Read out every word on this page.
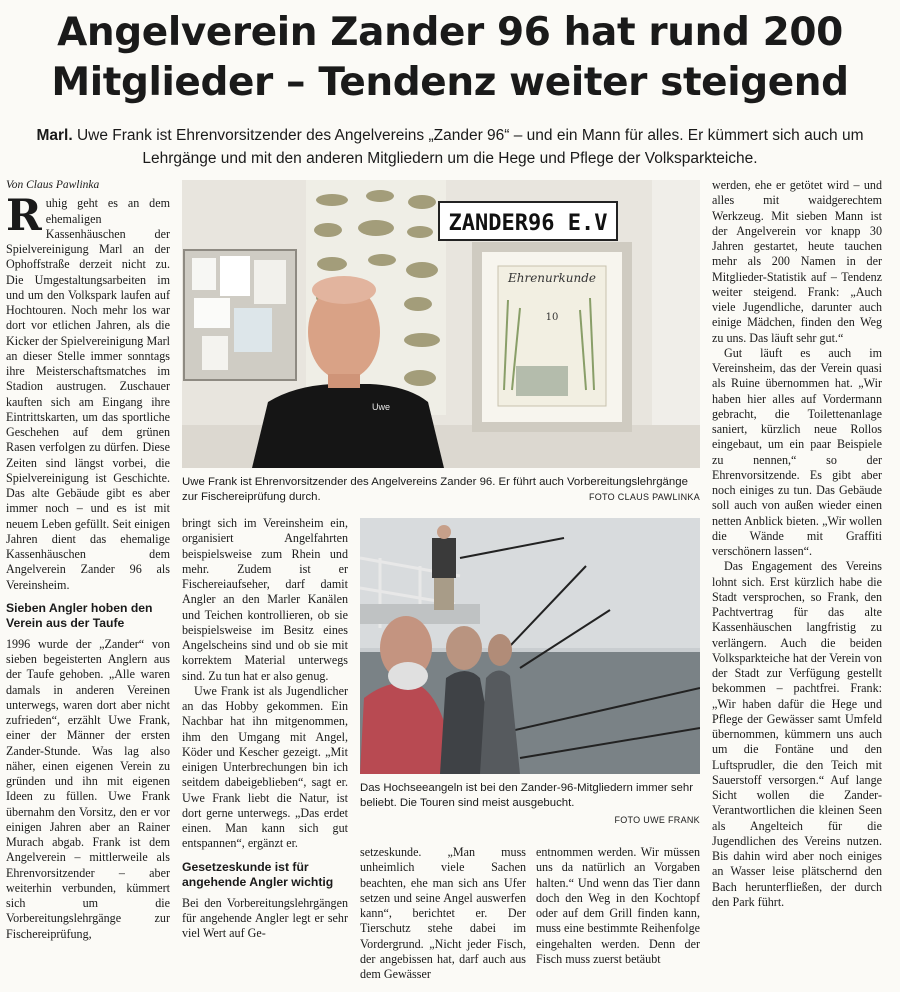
Angelverein Zander 96 hat rund 200
Mitglieder – Tendenz weiter steigend
Marl. Uwe Frank ist Ehrenvorsitzender des Angelvereins „Zander 96“ – und ein Mann für alles. Er kümmert sich auch um Lehrgänge und mit den anderen Mitgliedern um die Hege und Pflege der Volksparkteiche.
Von Claus Pawlinka

Ruhig geht es an dem ehemaligen Kassenhäuschen der Spielvereinigung Marl an der Ophoffstraße derzeit nicht zu. Die Umgestaltungsarbeiten im und um den Volkspark laufen auf Hochtouren. Noch mehr los war dort vor etlichen Jahren, als die Kicker der Spielvereinigung Marl an dieser Stelle immer sonntags ihre Meisterschaftsmatches im Stadion austrugen. Zuschauer kauften sich am Eingang ihre Eintrittskarten, um das sportliche Geschehen auf dem grünen Rasen verfolgen zu dürfen. Diese Zeiten sind längst vorbei, die Spielvereinigung ist Geschichte. Das alte Gebäude gibt es aber immer noch – und es ist mit neuem Leben gefüllt. Seit einigen Jahren dient das ehemalige Kassenhäuschen dem Angelverein Zander 96 als Vereinsheim.

Sieben Angler hoben den Verein aus der Taufe

1996 wurde der „Zander“ von sieben begeisterten Anglern aus der Taufe gehoben. „Alle waren damals in anderen Vereinen unterwegs, waren dort aber nicht zufrieden“, erzählt Uwe Frank, einer der Männer der ersten Zander-Stunde. Was lag also näher, einen eigenen Verein zu gründen und ihn mit eigenen Ideen zu füllen. Uwe Frank übernahm den Vorsitz, den er vor einigen Jahren aber an Rainer Murach abgab. Frank ist dem Angelverein – mittlerweile als Ehrenvorsitzender – aber weiterhin verbunden, kümmert sich um die Vorbereitungslehrgänge zur Fischereiprüfung,

ZANDER96 E.V
Ehrenurkunde
10
Uwe
Uwe Frank ist Ehrenvorsitzender des Angelvereins Zander 96. Er führt auch Vorbereitungslehrgänge zur Fischereiprüfung durch.	FOTO CLAUS PAWLINKA

bringt sich im Vereinsheim ein, organisiert Angelfahrten beispielsweise zum Rhein und mehr. Zudem ist er Fischereiaufseher, darf damit Angler an den Marler Kanälen und Teichen kontrollieren, ob sie beispielsweise im Besitz eines Angelscheins sind und ob sie mit korrektem Material unterwegs sind. Zu tun hat er also genug.

Uwe Frank ist als Jugendlicher an das Hobby gekommen. Ein Nachbar hat ihn mitgenommen, ihm den Umgang mit Angel, Köder und Kescher gezeigt. „Mit einigen Unterbrechungen bin ich seitdem dabeigeblieben“, sagt er. Uwe Frank liebt die Natur, ist dort gerne unterwegs. „Das erdet einen. Man kann sich gut entspannen“, ergänzt er.

Gesetzeskunde ist für angehende Angler wichtig

Bei den Vorbereitungslehrgängen für angehende Angler legt er sehr viel Wert auf Ge-

Das Hochseeangeln ist bei den Zander-96-Mitgliedern immer sehr beliebt. Die Touren sind meist ausgebucht.
FOTO UWE FRANK

setzeskunde. „Man muss unheimlich viele Sachen beachten, ehe man sich ans Ufer setzen und seine Angel auswerfen kann“, berichtet er. Der Tierschutz stehe dabei im Vordergrund. „Nicht jeder Fisch, der angebissen hat, darf auch aus dem Gewässer

entnommen werden. Wir müssen uns da natürlich an Vorgaben halten.“ Und wenn das Tier dann doch den Weg in den Kochtopf oder auf dem Grill finden kann, muss eine bestimmte Reihenfolge eingehalten werden. Denn der Fisch muss zuerst betäubt

werden, ehe er getötet wird – und alles mit waidgerechtem Werkzeug. Mit sieben Mann ist der Angelverein vor knapp 30 Jahren gestartet, heute tauchen mehr als 200 Namen in der Mitglieder-Statistik auf – Tendenz weiter steigend. Frank: „Auch viele Jugendliche, darunter auch einige Mädchen, finden den Weg zu uns. Das läuft sehr gut.“

Gut läuft es auch im Vereinsheim, das der Verein quasi als Ruine übernommen hat. „Wir haben hier alles auf Vordermann gebracht, die Toilettenanlage saniert, kürzlich neue Rollos eingebaut, um ein paar Beispiele zu nennen,“ so der Ehrenvorsitzende. Es gibt aber noch einiges zu tun. Das Gebäude soll auch von außen wieder einen netten Anblick bieten. „Wir wollen die Wände mit Graffiti verschönern lassen“.

Das Engagement des Vereins lohnt sich. Erst kürzlich habe die Stadt versprochen, so Frank, den Pachtvertrag für das alte Kassenhäuschen langfristig zu verlängern. Auch die beiden Volksparkteiche hat der Verein von der Stadt zur Verfügung gestellt bekommen – pachtfrei. Frank: „Wir haben dafür die Hege und Pflege der Gewässer samt Umfeld übernommen, kümmern uns auch um die Fontäne und den Luftsprudler, die den Teich mit Sauerstoff versorgen.“ Auf lange Sicht wollen die Zander-Verantwortlichen die kleinen Seen als Angelteich für die Jugendlichen des Vereins nutzen. Bis dahin wird aber noch einiges an Wasser leise plätschernd den Bach herunterfließen, der durch den Park führt.
